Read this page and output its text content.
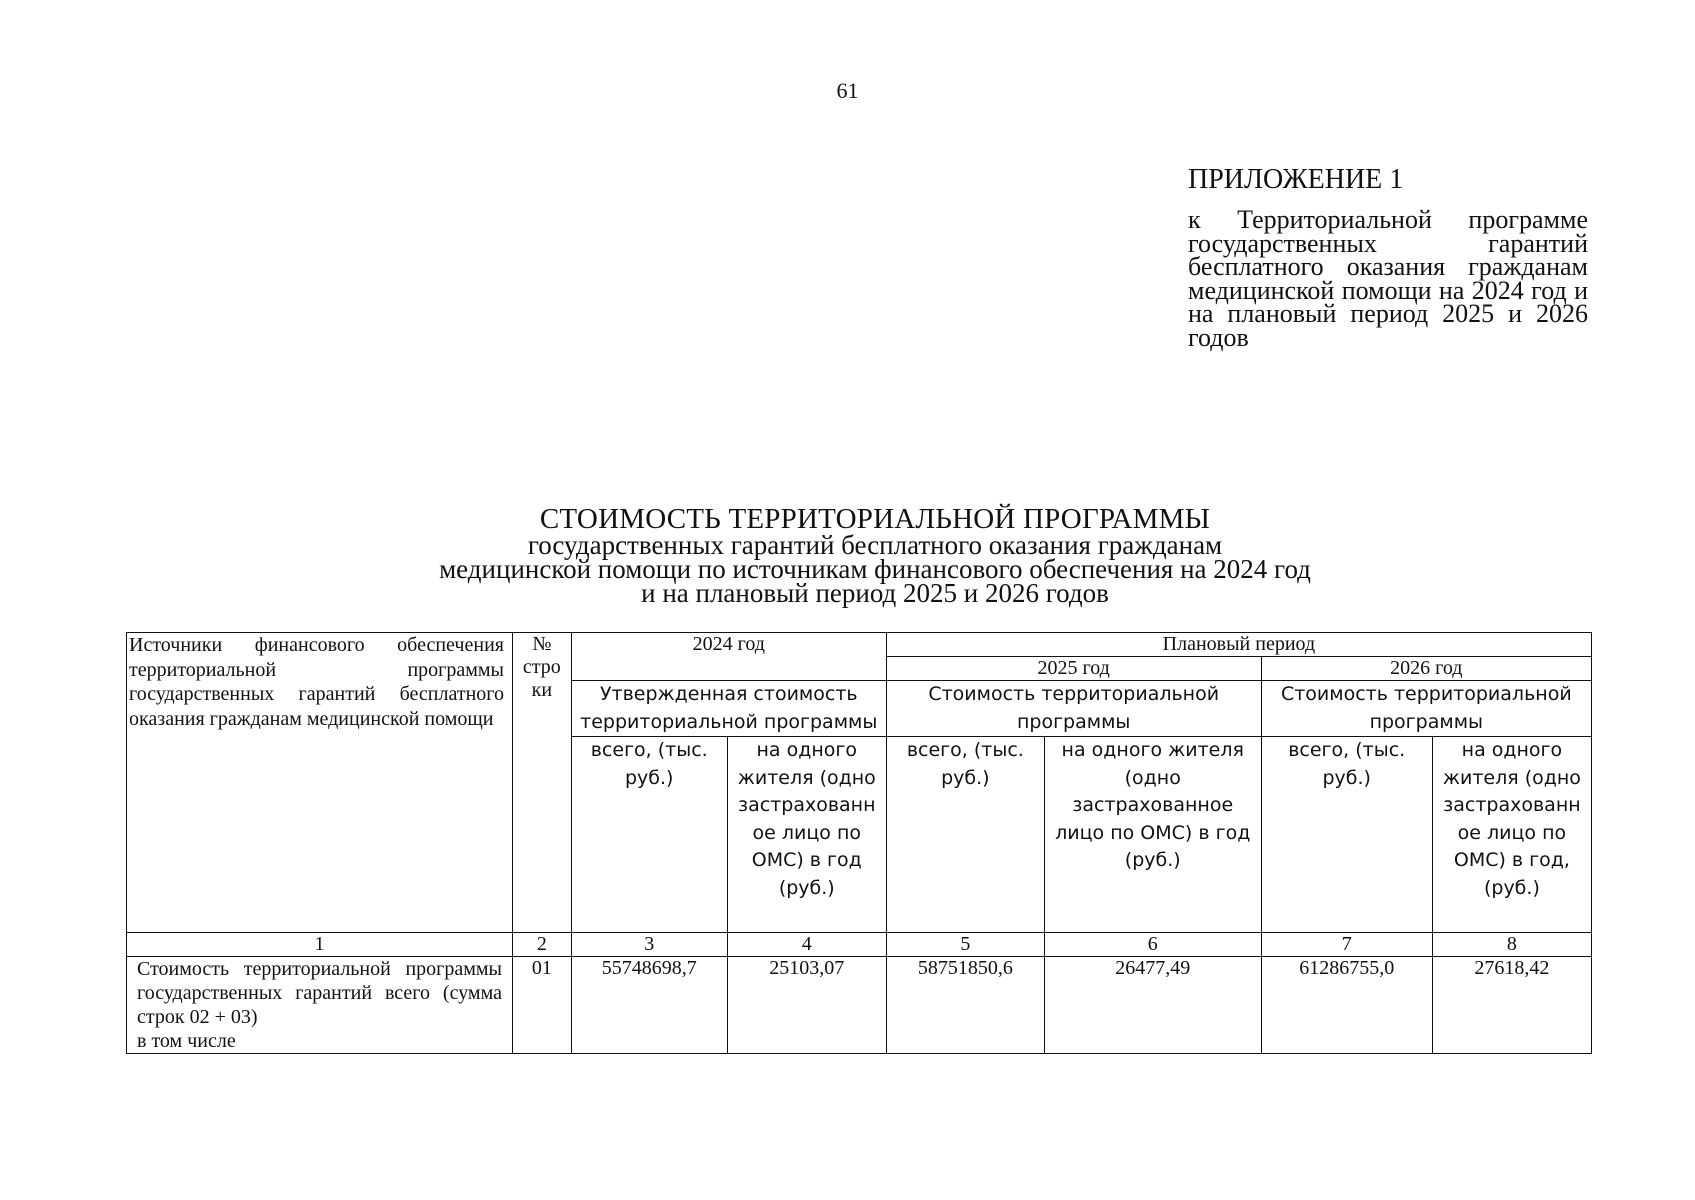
61
ПРИЛОЖЕНИЕ 1

к Территориальной программе государственных гарантий бесплатного оказания гражданам медицинской помощи на 2024 год и на плановый период 2025 и 2026 годов

СТОИМОСТЬ ТЕРРИТОРИАЛЬНОЙ ПРОГРАММЫ
государственных гарантий бесплатного оказания гражданам
медицинской помощи по источникам финансового обеспечения на 2024 год
и на плановый период 2025 и 2026 годов
Источники финансового обеспечения территориальной программы государственных гарантий бесплатного оказания гражданам медицинской помощи	№ стро ки	2024 год		Плановый период			
				2025 год		2026 год	
		Утвержденная стоимость территориальной программы		Стоимость территориальной программы		Стоимость территориальной программы	
		всего, (тыс. руб.)	на одного жителя (одно застрахованн ое лицо по ОМС) в год (руб.)	всего, (тыс. руб.)	на одного жителя (одно застрахованное лицо по ОМС) в год (руб.)	всего, (тыс. руб.)	на одного жителя (одно застрахованн ое лицо по ОМС) в год, (руб.)
1	2	3	4	5	6	7	8
Стоимость территориальной программы государственных гарантий всего (сумма строк 02 + 03)
в том числе	01	55748698,7	25103,07	58751850,6	26477,49	61286755,0	27618,42
